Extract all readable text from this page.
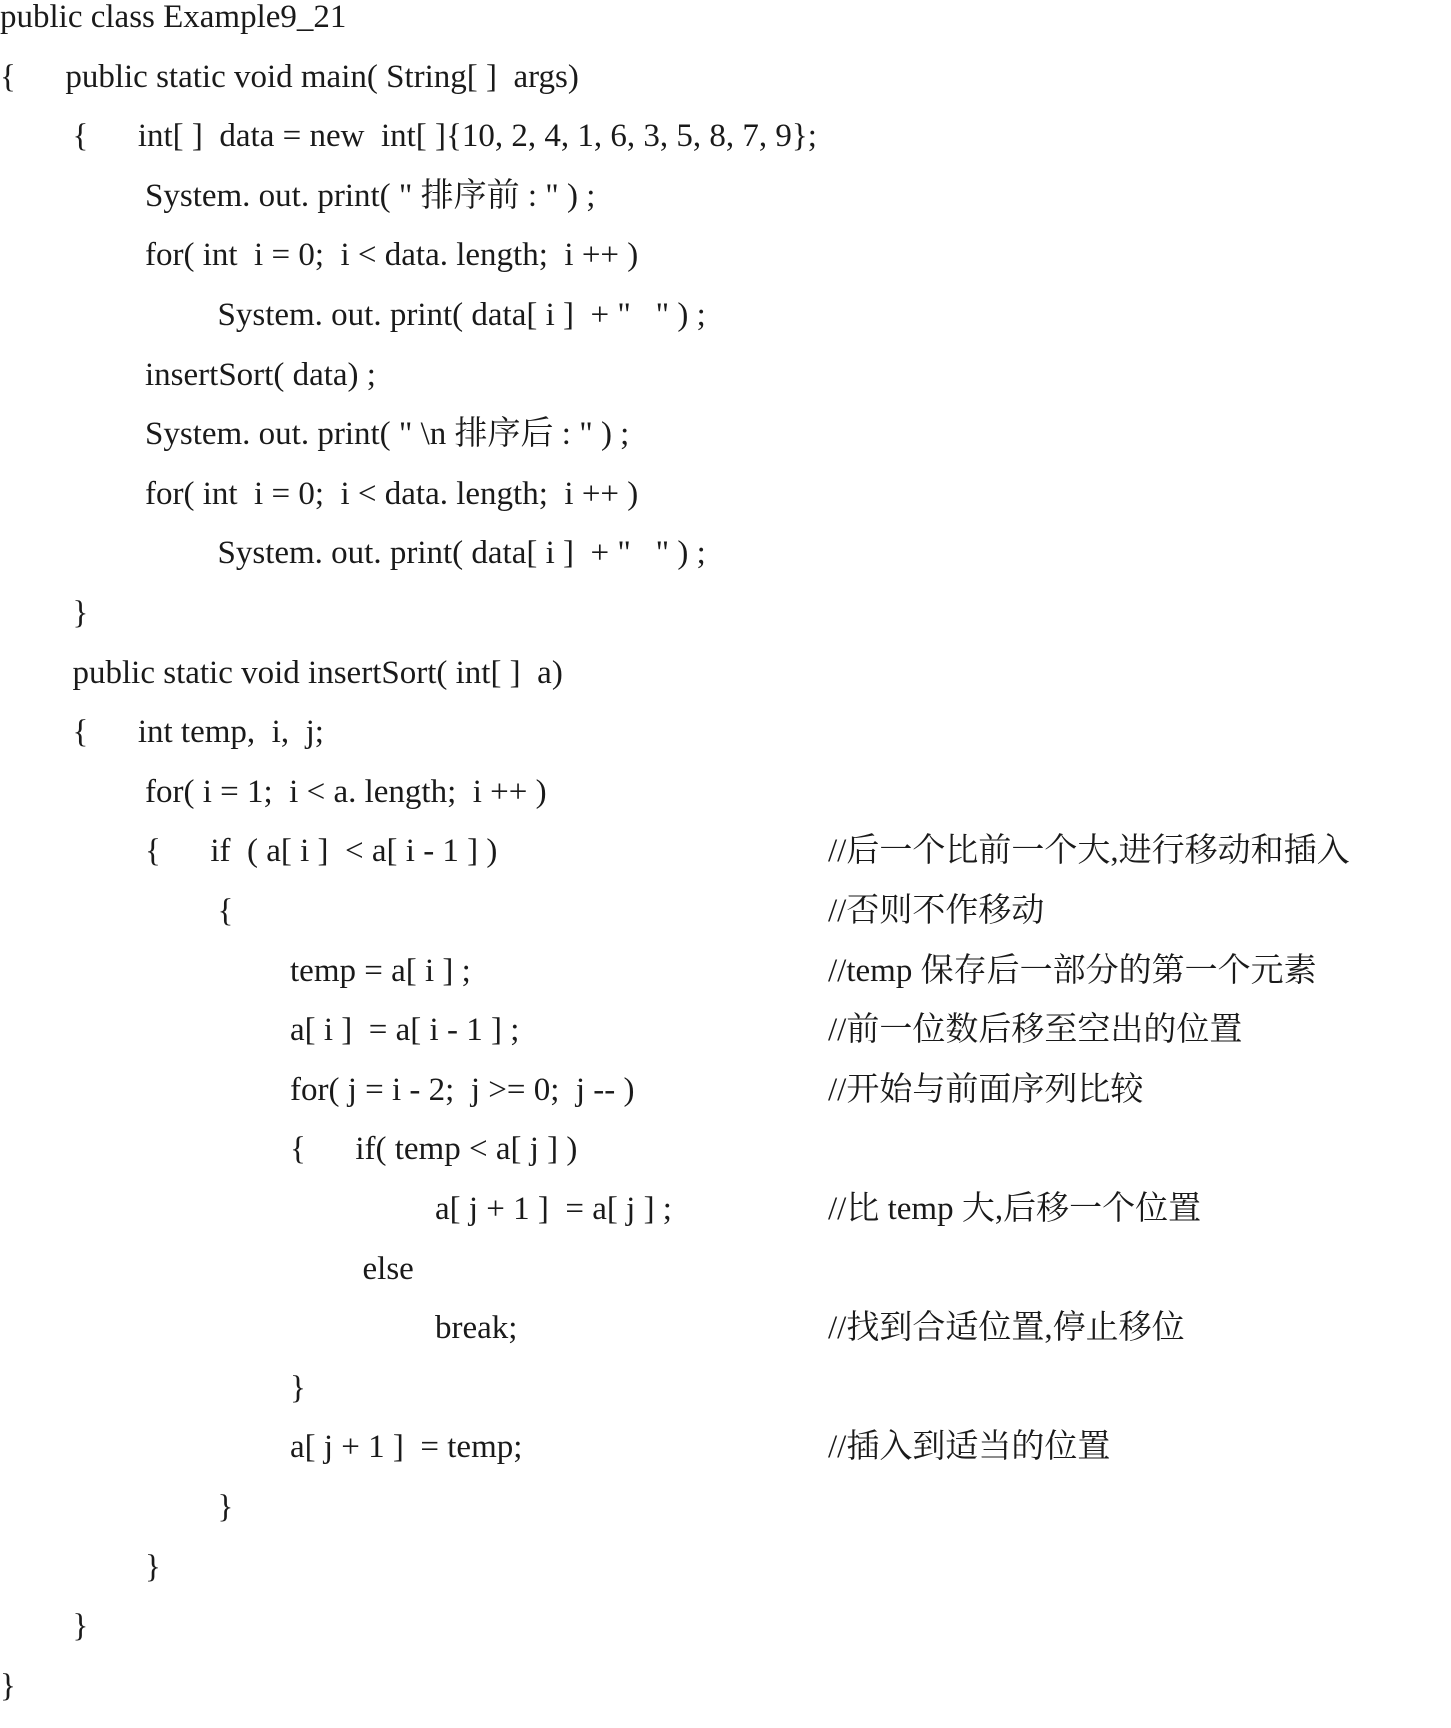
public class Example9_21
{      public static void main( String[ ]  args)
{      int[ ]  data = new  int[ ]{10, 2, 4, 1, 6, 3, 5, 8, 7, 9};
System. out. print( " 排序前 : " ) ;
for( int  i = 0;  i < data. length;  i ++ )
System. out. print( data[ i ]  + "   " ) ;
insertSort( data) ;
System. out. print( " \n 排序后 : " ) ;
for( int  i = 0;  i < data. length;  i ++ )
System. out. print( data[ i ]  + "   " ) ;
}
public static void insertSort( int[ ]  a)
{      int temp,  i,  j;
for( i = 1;  i < a. length;  i ++ )
{      if  ( a[ i ]  < a[ i - 1 ] )	//后一个比前一个大,进行移动和插入
{	//否则不作移动
temp = a[ i ] ;	//temp 保存后一部分的第一个元素
a[ i ]  = a[ i - 1 ] ;	//前一位数后移至空出的位置
for( j = i - 2;  j >= 0;  j -- )	//开始与前面序列比较
{      if( temp < a[ j ] )
a[ j + 1 ]  = a[ j ] ;	//比 temp 大,后移一个位置
else
break;	//找到合适位置,停止移位
}
a[ j + 1 ]  = temp;	//插入到适当的位置
}
}
}
}
